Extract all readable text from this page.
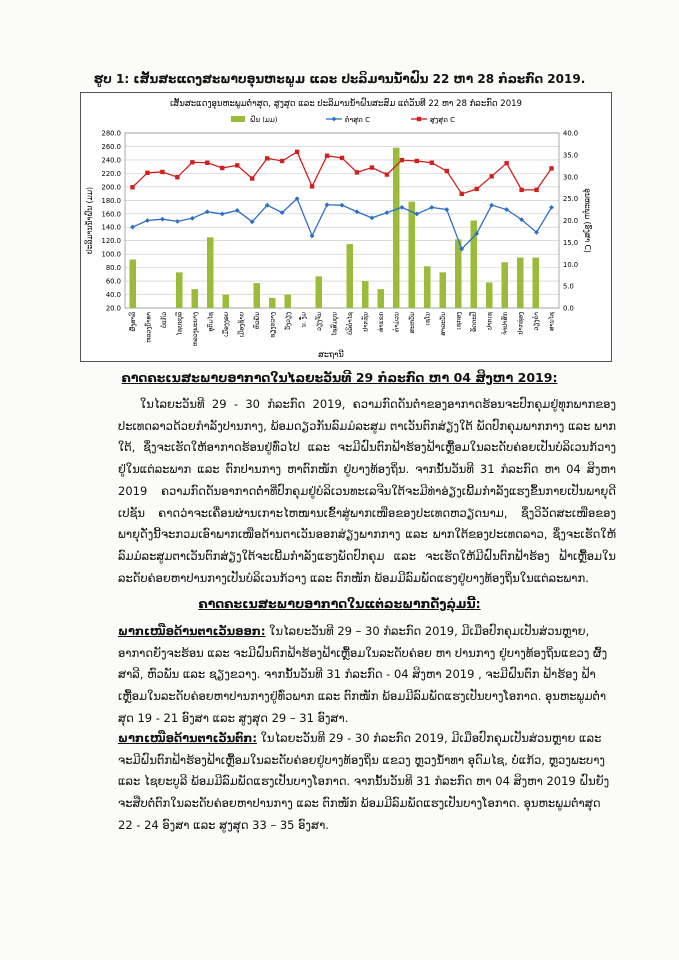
ຮູບ 1: ເສັ້ນສະແດງສະພາບອຸນຫະພູມ ແລະ ປະລິມານນ້ຳຝົນ 22 ຫາ 28 ກໍລະກົດ 2019.
ເສັ້ນສະແດງອຸນຫະພູມຕ່ຳສຸດ, ສູງສຸດ ແລະ ປະລິມານນ້ຳຝົນສະສົມ ແຕ່ວັນທີ 22 ຫາ 28 ກໍລະກົດ 2019
ຝົນ (ມມ)	ຕ່ຳສຸດ C	ສູງສຸດ C
20.0
40.0
60.0
80.0
100.0
120.0
140.0
160.0
180.0
200.0
220.0
240.0
260.0
280.0
0.0
5.0
10.0
15.0
20.0
25.0
30.0
35.0
40.0
ຜົ້ງສາລີ	ຫລວງນ້ຳທາ	ບໍ່ແກ້ວ	ໄຊຍະບູລີ ຫລວງພະບາງ	ອຸດົມໄຊ	ເມືອງງອຍ	ເມືອງຊ້າຍ ຫົວພັນ ຊຽງຂວາງ ວັງວຽງ	ນ. ງື່ມ ວຽງຈັນ	ໄຊສົມບູນ	ບໍລິຄຳໄຊ ປາກຊັນ	ທ່າແຂກ	ຄຳມ່ວນ ສະຫວັນ ເຊໂນ ສາລະວັນ ເຊກອງ	ອັດຕະປື ປາກເຊ ຈຳປາສັກ	ປາກຊ່ອງ ວຽງຄຳ	ສານໄຊ
ປະລິມານນ້ຳຝົນ (ມມ)	ອຸນຫະພູມ (ອົງສາ C)
ສະຖານີ
ຄາດຄະເນສະພາບອາກາດໃນໄລຍະວັນທີ 29 ກໍລະກົດ ຫາ 04 ສິງຫາ 2019:
ໃນໄລຍະວັນທີ 29 - 30 ກໍລະກົດ 2019, ຄວາມກົດດັນຕ່ຳຂອງອາກາດຮ້ອນຈະປົກຄຸມຢູ່ທຸກພາກຂອງປະເທດລາວດ້ວຍກຳລັງປານກາງ, ພ້ອມດຽວກັນລົມມໍລະສູມ ຕາເວັນຕົກສ່ຽງໃຕ້ ພັດປົກຄຸມພາກກາງ ແລະ ພາກໃຕ້, ຊຶ່ງຈະເຮັດໃຫ້ອາກາດຮ້ອນຢູ່ທົ່ວໄປ ແລະ ຈະມີຝົນຕົກຟ້າຮ້ອງຟ້າເຫຼື້ອມໃນລະດັບຄ່ອຍເປັນບໍລິເວນກ້ວາງຢູ່ໃນແຕ່ລະພາກ ແລະ ຕົກປານກາງ ຫາຕົກໜັກ ຢູ່ບາງທ້ອງຖິ່ນ. ຈາກນັ້ນວັນທີ 31 ກໍລະກົດ ຫາ 04 ສິງຫາ 2019 ຄວາມກົດດັນອາກາດຕ່ຳທີ່ປົກຄຸມຢູ່ບໍລິເວນທະເລຈີນໃຕ້ຈະມີທ່າອ່ຽງເພີ້ມກຳລັງແຮງຂຶ້ນກາຍເປັນພາຍຸດີເປຊັນ ຄາດວ່າຈະເຄື່ອນຜ່ານເກາະໄຫໜານເຂົ້າສູ່ພາກເໜືອຂອງປະເທດຫວຽດນາມ, ຊຶ່ງວິວັດສະເໜືອຂອງພາຍຸດັ່ງນີ້ຈະກວມເອົາພາກເໜືອດ້ານຕາເວັນອອກສ່ຽງພາກກາງ ແລະ ພາກໃຕ້ຂອງປະເທດລາວ, ຊຶ່ງຈະເຮັດໃຫ້ລົມມໍລະສູມຕາເວັນຕົກສ່ຽງໃຕ້ຈະເພີ້ມກຳລັງແຮງພັດປົກຄຸມ ແລະ ຈະເຮັດໃຫ້ມີຝົນຕົກຟ້າຮ້ອງ ຟ້າເຫຼື້ອມໃນລະດັບຄ່ອຍຫາປານກາງເປັນບໍລິເວນກ້ວາງ ແລະ ຕົກໜັກ ພ້ອມມີລົມພັດແຮງຢູ່ບາງທ້ອງຖິ່ນໃນແຕ່ລະພາກ.
ຄາດຄະເນສະພາບອາກາດໃນແຕ່ລະພາກດັ່ງລຸ່ມນີ້:
ພາກເໜືອດ້ານຕາເວັນອອກ: ໃນໄລຍະວັນທີ 29 – 30 ກໍລະກົດ 2019, ມີເມືອປົກຄຸມເປັນສ່ວນຫຼາຍ, ອາກາດຍັງຈະຮ້ອນ ແລະ ຈະມີຝົນຕົກຟ້າຮ້ອງຟ້າເຫຼື້ອມໃນລະດັບຄ່ອຍ ຫາ ປານກາງ ຢູ່ບາງທ້ອງຖິ່ນແຂວງ ຜົ້ງສາລີ, ຫົວພັນ ແລະ ຊຽງຂວາງ. ຈາກນັ້ນວັນທີ 31 ກໍລະກົດ - 04 ສິງຫາ 2019 , ຈະມີຝົນຕົກ ຟ້າຮ້ອງ ຟ້າເຫຼື້ອມໃນລະດັບຄ່ອຍຫາປານກາງຢູ່ທົ່ວພາກ ແລະ ຕົກໜັກ ພ້ອມມີລົມພັດແຮງເປັນບາງໂອກາດ. ອຸນຫະພູມຕ່ຳສຸດ 19 - 21 ອົງສາ ແລະ ສູງສຸດ 29 – 31 ອົງສາ.
ພາກເໜືອດ້ານຕາເວັນຕົກ: ໃນໄລຍະວັນທີ 29 - 30 ກໍລະກົດ 2019, ມີເມືອປົກຄຸມເປັນສ່ວນຫຼາຍ ແລະ ຈະມີຝົນຕົກຟ້າຮ້ອງຟ້າເຫຼື້ອມໃນລະດັບຄ່ອຍຢູ່ບາງທ້ອງຖິ່ນ ແຂວງ ຫຼວງນ້ຳທາ ອຸດົມໄຊ, ບໍ່ແກ້ວ, ຫຼວງພະບາງ ແລະ ໄຊຍະບູລີ ພ້ອມມີລົມພັດແຮງເປັນບາງໂອກາດ. ຈາກນັ້ນວັນທີ 31 ກໍລະກົດ ຫາ 04 ສິງຫາ 2019 ຝົນຍັງຈະສືບຕໍ່ຕົກໃນລະດັບຄ່ອຍຫາປານກາງ ແລະ ຕົກໜັກ ພ້ອມມີລົມພັດແຮງເປັນບາງໂອກາດ. ອຸນຫະພູມຕ່ຳສຸດ 22 - 24 ອົງສາ ແລະ ສູງສຸດ 33 – 35 ອົງສາ.
